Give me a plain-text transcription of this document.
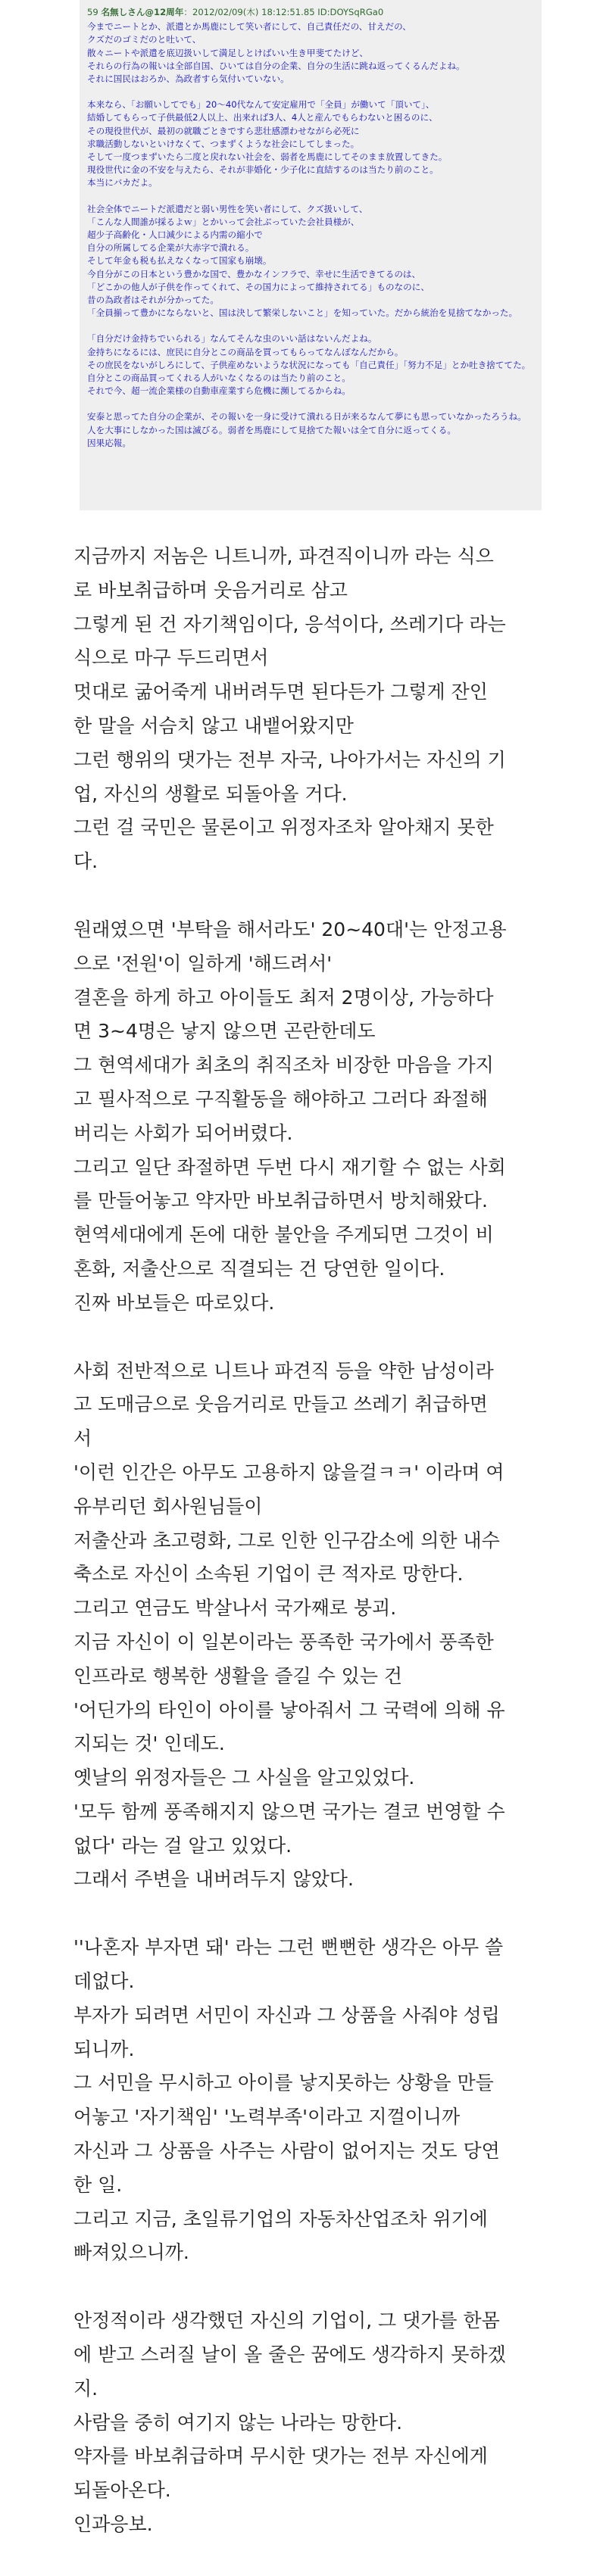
59 名無しさん@12周年：2012/02/09(木) 18:12:51.85 ID:DOYSqRGa0
今までニートとか、派遣とか馬鹿にして笑い者にして、自己責任だの、甘えだの、
クズだのゴミだのと吐いて、
散々ニートや派遣を底辺扱いして満足しとけばいい生き甲斐てたけど、
それらの行為の報いは全部自国、ひいては自分の企業、自分の生活に跳ね返ってくるんだよね。
それに国民はおろか、為政者すら気付いていない。
本来なら、「お願いしてでも」20〜40代なんて安定雇用で「全員」が働いて「頂いて」、
結婚してもらって子供最低2人以上、出来れば3人、4人と産んでもらわないと困るのに、
その現役世代が、最初の就職ごときですら悲壮感漂わせながら必死に
求職活動しないといけなくて、つまずくような社会にしてしまった。
そして一度つまずいたら二度と戻れない社会を、弱者を馬鹿にしてそのまま放置してきた。
現役世代に金の不安を与えたら、それが非婚化・少子化に直結するのは当たり前のこと。
本当にバカだよ。
社会全体でニートだ派遣だと弱い男性を笑い者にして、クズ扱いして、
「こんな人間誰が採るよｗ」とかいって会社ぶっていた会社員様が、
超少子高齢化・人口減少による内需の縮小で
自分の所属してる企業が大赤字で潰れる。
そして年金も税も払えなくなって国家も崩壊。
今自分がこの日本という豊かな国で、豊かなインフラで、幸せに生活できてるのは、
「どこかの他人が子供を作ってくれて、その国力によって維持されてる」ものなのに、
昔の為政者はそれが分かってた。
「全員揃って豊かにならないと、国は決して繁栄しないこと」を知っていた。だから統治を見捨てなかった。
「自分だけ金持ちでいられる」なんてそんな虫のいい話はないんだよね。
金持ちになるには、庶民に自分とこの商品を買ってもらってなんぼなんだから。
その庶民をないがしろにして、子供産めないような状況になっても「自己責任」「努力不足」とか吐き捨ててた。
自分とこの商品買ってくれる人がいなくなるのは当たり前のこと。
それで今、超一流企業様の自動車産業すら危機に瀕してるからね。
安泰と思ってた自分の企業が、その報いを一身に受けて潰れる日が来るなんて夢にも思っていなかったろうね。
人を大事にしなかった国は滅びる。弱者を馬鹿にして見捨てた報いは全て自分に返ってくる。
因果応報。
지금까지 저놈은 니트니까, 파견직이니까 라는 식으
로 바보취급하며 웃음거리로 삼고
그렇게 된 건 자기책임이다, 응석이다, 쓰레기다 라는
식으로 마구 두드리면서
멋대로 굶어죽게 내버려두면 된다든가 그렇게 잔인
한 말을 서슴치 않고 내뱉어왔지만
그런 행위의 댓가는 전부 자국, 나아가서는 자신의 기
업, 자신의 생활로 되돌아올 거다.
그런 걸 국민은 물론이고 위정자조차 알아채지 못한
다.
원래였으면 '부탁을 해서라도' 20~40대'는 안정고용
으로 '전원'이 일하게 '해드려서'
결혼을 하게 하고 아이들도 최저 2명이상, 가능하다
면 3~4명은 낳지 않으면 곤란한데도
그 현역세대가 최초의 취직조차 비장한 마음을 가지
고 필사적으로 구직활동을 해야하고 그러다 좌절해
버리는 사회가 되어버렸다.
그리고 일단 좌절하면 두번 다시 재기할 수 없는 사회
를 만들어놓고 약자만 바보취급하면서 방치해왔다.
현역세대에게 돈에 대한 불안을 주게되면 그것이 비
혼화, 저출산으로 직결되는 건 당연한 일이다.
진짜 바보들은 따로있다.
사회 전반적으로 니트나 파견직 등을 약한 남성이라
고 도매금으로 웃음거리로 만들고 쓰레기 취급하면
서
'이런 인간은 아무도 고용하지 않을걸ㅋㅋ' 이라며 여
유부리던 회사원님들이
저출산과 초고령화, 그로 인한 인구감소에 의한 내수
축소로 자신이 소속된 기업이 큰 적자로 망한다.
그리고 연금도 박살나서 국가째로 붕괴.
지금 자신이 이 일본이라는 풍족한 국가에서 풍족한
인프라로 행복한 생활을 즐길 수 있는 건
'어딘가의 타인이 아이를 낳아줘서 그 국력에 의해 유
지되는 것' 인데도.
옛날의 위정자들은 그 사실을 알고있었다.
'모두 함께 풍족해지지 않으면 국가는 결코 번영할 수
없다' 라는 걸 알고 있었다.
그래서 주변을 내버려두지 않았다.
''나혼자 부자면 돼' 라는 그런 뻔뻔한 생각은 아무 쓸
데없다.
부자가 되려면 서민이 자신과 그 상품을 사줘야 성립
되니까.
그 서민을 무시하고 아이를 낳지못하는 상황을 만들
어놓고 '자기책임' '노력부족'이라고 지껄이니까
자신과 그 상품을 사주는 사람이 없어지는 것도 당연
한 일.
그리고 지금, 초일류기업의 자동차산업조차 위기에
빠져있으니까.
안정적이라 생각했던 자신의 기업이, 그 댓가를 한몸
에 받고 스러질 날이 올 줄은 꿈에도 생각하지 못하겠
지.
사람을 중히 여기지 않는 나라는 망한다.
약자를 바보취급하며 무시한 댓가는 전부 자신에게
되돌아온다.
인과응보.
